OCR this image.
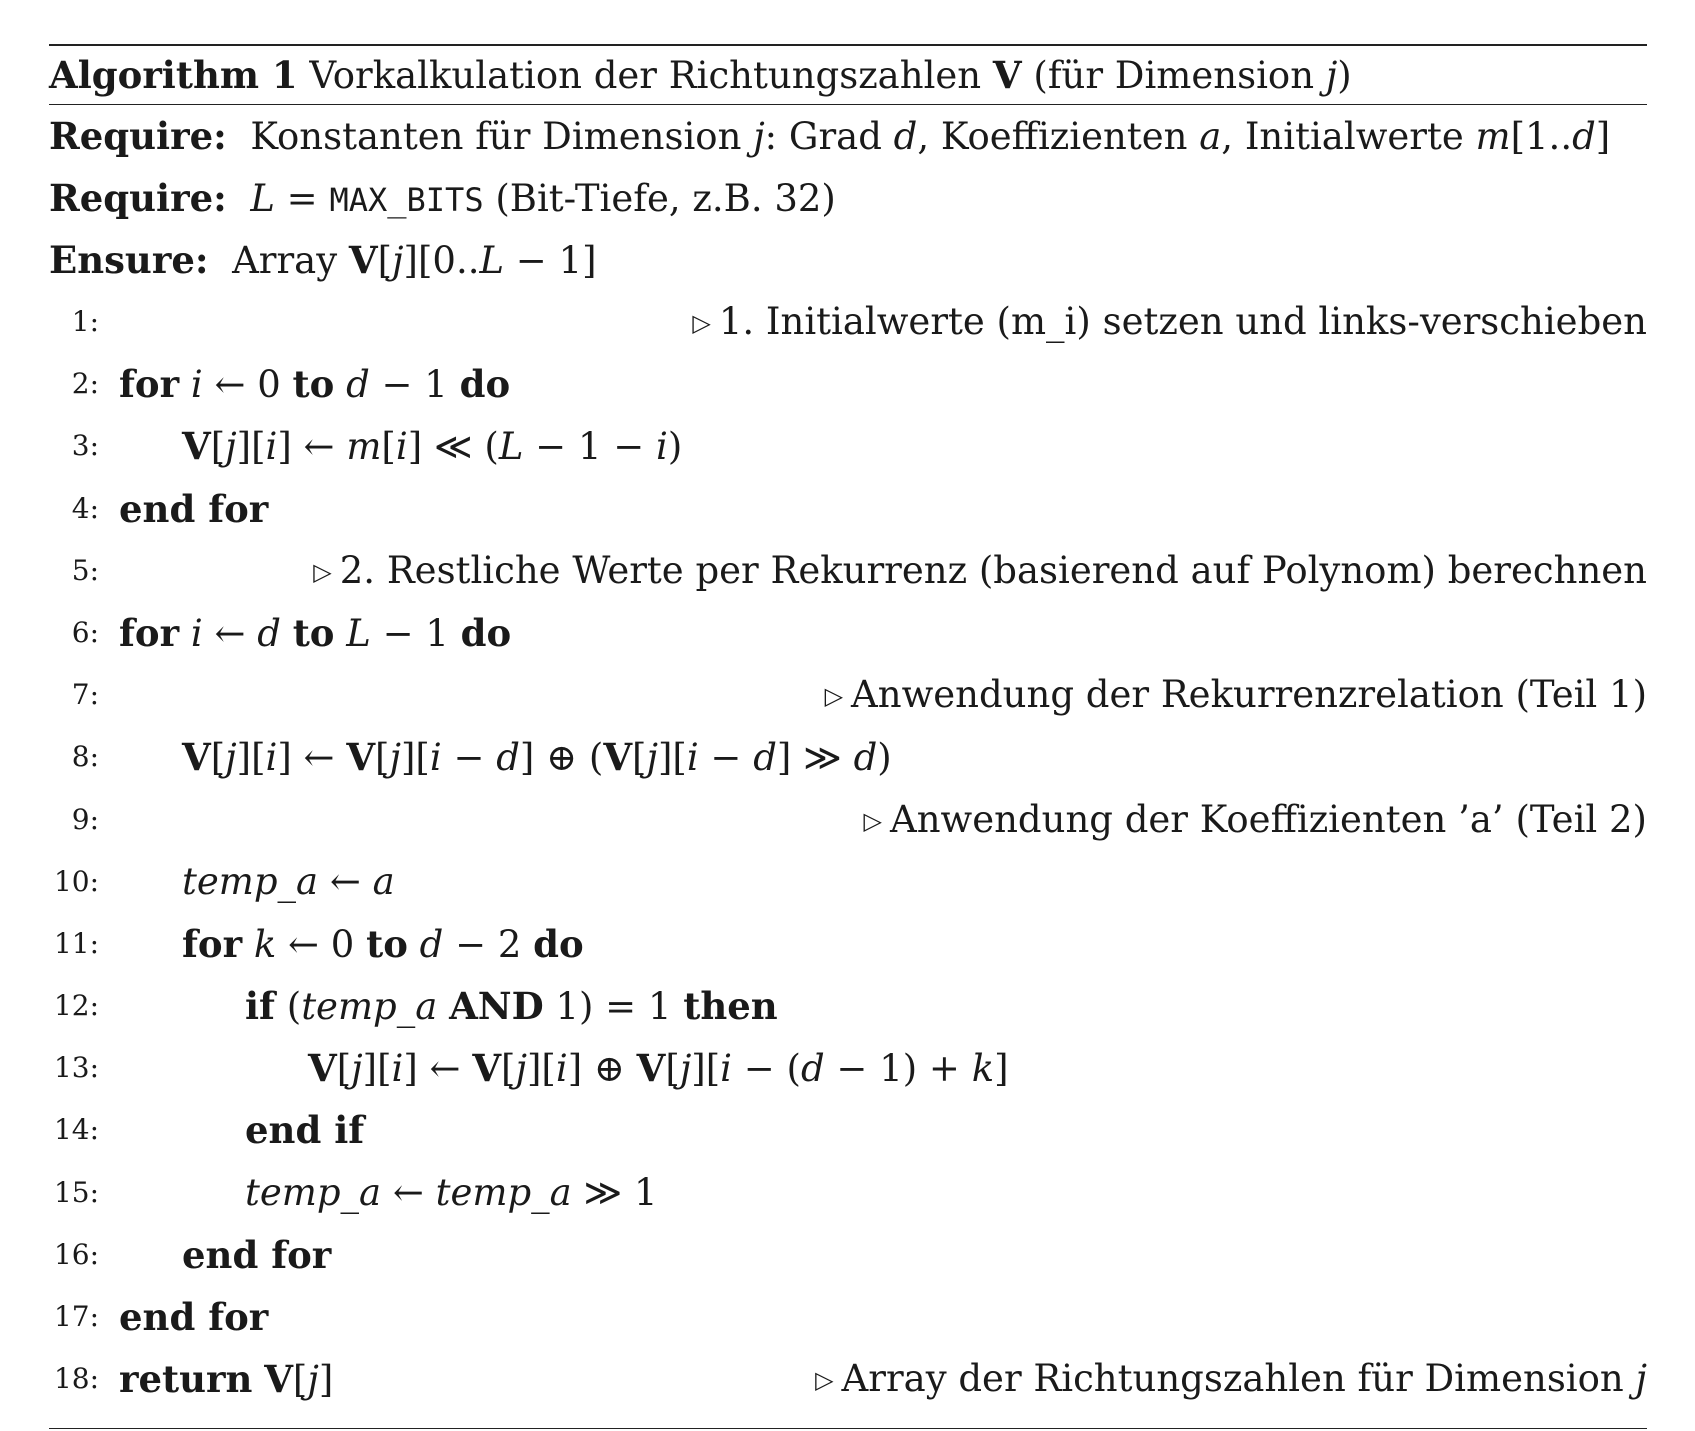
Algorithm 1 Vorkalkulation der Richtungszahlen V (für Dimension j)
Require: Konstanten für Dimension j: Grad d, Koeffizienten a, Initialwerte m[1..d]
Require: L = MAX_BITS (Bit-Tiefe, z.B. 32)
Ensure: Array V[j][0..L − 1]
1:	▷ 1. Initialwerte (m_i) setzen und links-verschieben
2: for i ← 0 to d − 1 do
3: V[j][i] ← m[i] ≪ (L − 1 − i)
4: end for
5:	▷ 2. Restliche Werte per Rekurrenz (basierend auf Polynom) berechnen
6: for i ← d to L − 1 do
7:	▷ Anwendung der Rekurrenzrelation (Teil 1)
8: V[j][i] ← V[j][i − d] ⊕ (V[j][i − d] ≫ d)
9:	▷ Anwendung der Koeffizienten ’a’ (Teil 2)
10: temp_a ← a
11: for k ← 0 to d − 2 do
12:	if (temp_a AND 1) = 1 then
13:	V[j][i] ← V[j][i] ⊕ V[j][i − (d − 1) + k]
14:	end if
15:	temp_a ← temp_a ≫ 1
16: end for
17: end for
18: return V[j]	▷ Array der Richtungszahlen für Dimension j
